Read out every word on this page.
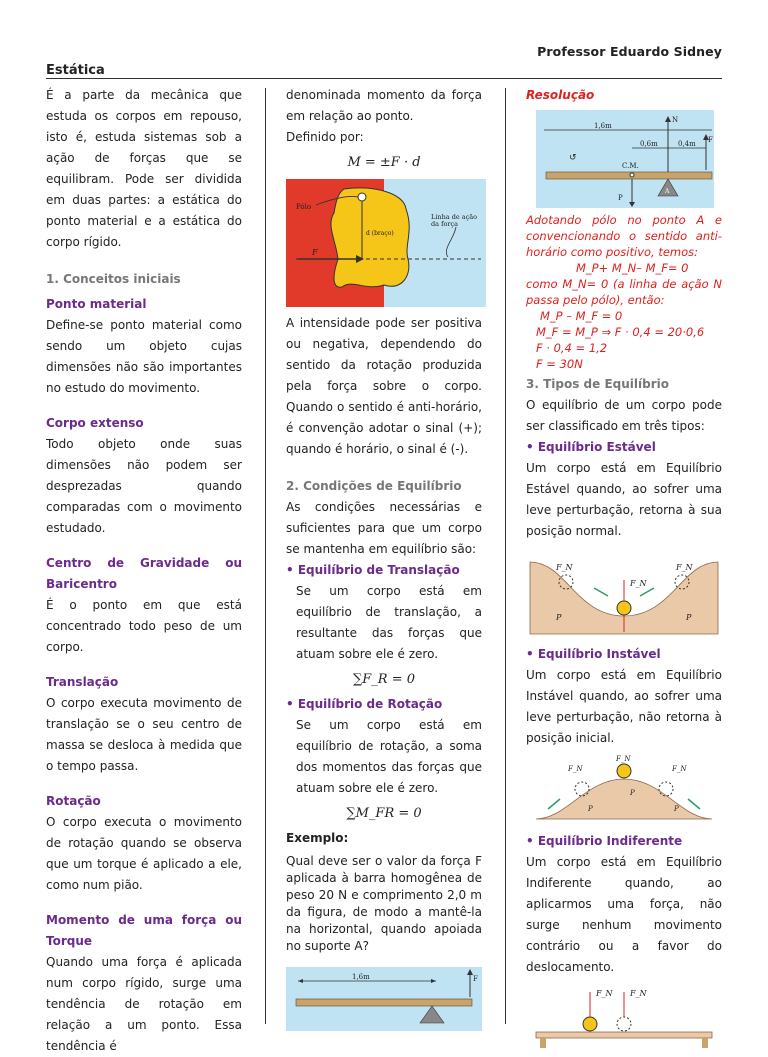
Professor Eduardo Sidney
Estática

É a parte da mecânica que estuda os corpos em repouso, isto é, estuda sistemas sob a ação de forças que se equilibram. Pode ser dividida em duas partes: a estática do ponto material e a estática do corpo rígido.

1. Conceitos iniciais
Ponto material

Define-se ponto material como sendo um objeto cujas dimensões não são importantes no estudo do movimento.

Corpo extenso

Todo objeto onde suas dimensões não podem ser desprezadas quando comparadas com o movimento estudado.

Centro de Gravidade ou Baricentro

É o ponto em que está concentrado todo peso de um corpo.

Translação

O corpo executa movimento de translação se o seu centro de massa se desloca à medida que o tempo passa.

Rotação

O corpo executa o movimento de rotação quando se observa que um torque é aplicado a ele, como num pião.

Momento de uma força ou Torque

Quando uma força é aplicada num corpo rígido, surge uma tendência de rotação em relação a um ponto. Essa tendência é

denominada momento da força em relação ao ponto.

Definido por:
M = ±F · d
Pólo
d (braço)
Linha de ação da força
F

A intensidade pode ser positiva ou negativa, dependendo do sentido da rotação produzida pela força sobre o corpo. Quando o sentido é anti-horário, é convenção adotar o sinal (+); quando é horário, o sinal é (-).

2. Condições de Equilíbrio

As condições necessárias e suficientes para que um corpo se mantenha em equilíbrio são:

• Equilíbrio de Translação

Se um corpo está em equilíbrio de translação, a resultante das forças que atuam sobre ele é zero.

∑F_R = 0
• Equilíbrio de Rotação

Se um corpo está em equilíbrio de rotação, a soma dos momentos das forças que atuam sobre ele é zero.

∑M_FR = 0
Exemplo:

Qual deve ser o valor da força F aplicada à barra homogênea de peso 20 N e comprimento 2,0 m da figura, de modo a mantê-la na horizontal, quando apoiada no suporte A?

1,6m	F
Resolução
1,6m
0,6m	0,4m
↺
C.M.
N
P
F
A

Adotando pólo no ponto A e convencionando o sentido anti-horário como positivo, temos:

M_P+ M_N– M_F= 0

como M_N= 0 (a linha de ação N passa pelo pólo), então:

M_P – M_F = 0

M_F = M_P ⇒ F · 0,4 = 20·0,6

F · 0,4 = 1,2

F = 30N

3. Tipos de Equilíbrio

O equilíbrio de um corpo pode ser classificado em três tipos:

• Equilíbrio Estável

Um corpo está em Equilíbrio Estável quando, ao sofrer uma leve perturbação, retorna à sua posição normal.

F_N
F_N	F_N
P	P
• Equilíbrio Instável

Um corpo está em Equilíbrio Instável quando, ao sofrer uma leve perturbação, não retorna à posição inicial.

F_N
F_N	F_N
P
P	P
• Equilíbrio Indiferente

Um corpo está em Equilíbrio Indiferente quando, ao aplicarmos uma força, não surge nenhum movimento contrário ou a favor do deslocamento.

F_N F_N
